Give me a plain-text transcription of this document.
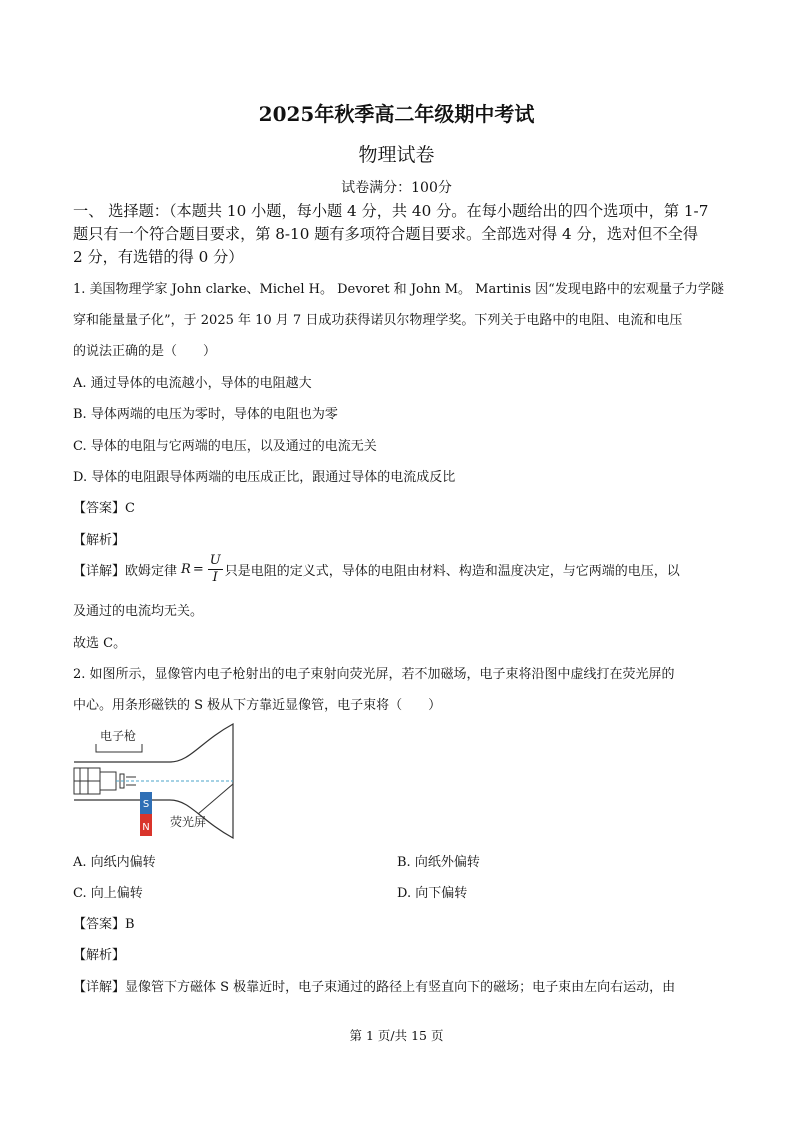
2025年秋季高二年级期中考试
物理试卷
试卷满分：100分
一、 选择题：（本题共 10 小题，每小题 4 分，共 40 分。在每小题给出的四个选项中，第 1-7
题只有一个符合题目要求，第 8-10 题有多项符合题目要求。全部选对得 4 分，选对但不全得
2 分，有选错的得 0 分）
1. 美国物理学家 John clarke、Michel H。 Devoret 和 John M。 Martinis 因“发现电路中的宏观量子力学隧
穿和能量量子化”，于 2025 年 10 月 7 日成功获得诺贝尔物理学奖。下列关于电路中的电阻、电流和电压
的说法正确的是（　　）
A. 通过导体的电流越小，导体的电阻越大
B. 导体两端的电压为零时，导体的电阻也为零
C. 导体的电阻与它两端的电压，以及通过的电流无关
D. 导体的电阻跟导体两端的电压成正比，跟通过导体的电流成反比
【答案】C
【解析】
【详解】 欧姆定律 $R = \frac{U}{I}$ 只是电阻的定义式，导体的电阻由材料、构造和温度决定，与它两端的电压，以
及通过的电流均无关。
故选 C。
2. 如图所示，显像管内电子枪射出的电子束射向荧光屏，若不加磁场，电子束将沿图中虚线打在荧光屏的
中心。用条形磁铁的 S 极从下方靠近显像管，电子束将（　　）
电子枪
荧光屏
S
N
A. 向纸内偏转	B. 向纸外偏转
C. 向上偏转	D. 向下偏转
【答案】B
【解析】
【详解】显像管下方磁体 S 极靠近时，电子束通过的路径上有竖直向下的磁场；电子束由左向右运动，由
第 1 页/共 15 页
